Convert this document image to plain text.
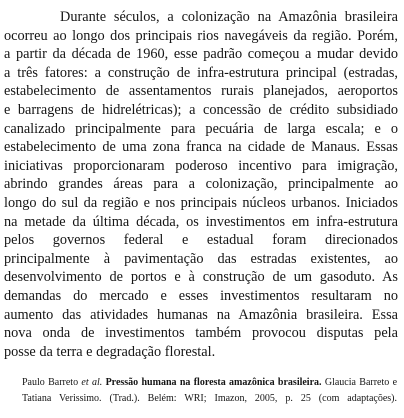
Durante séculos, a colonização na Amazônia brasileira
ocorreu ao longo dos principais rios navegáveis da região. Porém,
a partir da década de 1960, esse padrão começou a mudar devido
a três fatores: a construção de infra-estrutura principal (estradas,
estabelecimento de assentamentos rurais planejados, aeroportos
e barragens de hidrelétricas); a concessão de crédito subsidiado
canalizado principalmente para pecuária de larga escala; e o
estabelecimento de uma zona franca na cidade de Manaus. Essas
iniciativas proporcionaram poderoso incentivo para imigração,
abrindo grandes áreas para a colonização, principalmente ao
longo do sul da região e nos principais núcleos urbanos. Iniciados
na metade da última década, os investimentos em infra-estrutura
pelos governos federal e estadual foram direcionados
principalmente à pavimentação das estradas existentes, ao
desenvolvimento de portos e à construção de um gasoduto. As
demandas do mercado e esses investimentos resultaram no
aumento das atividades humanas na Amazônia brasileira. Essa
nova onda de investimentos também provocou disputas pela
posse da terra e degradação florestal.
Paulo Barreto et al. Pressão humana na floresta amazônica brasileira. Glaucia Barreto e
Tatiana Verissimo. (Trad.). Belém: WRI; Imazon, 2005, p. 25 (com adaptações).
